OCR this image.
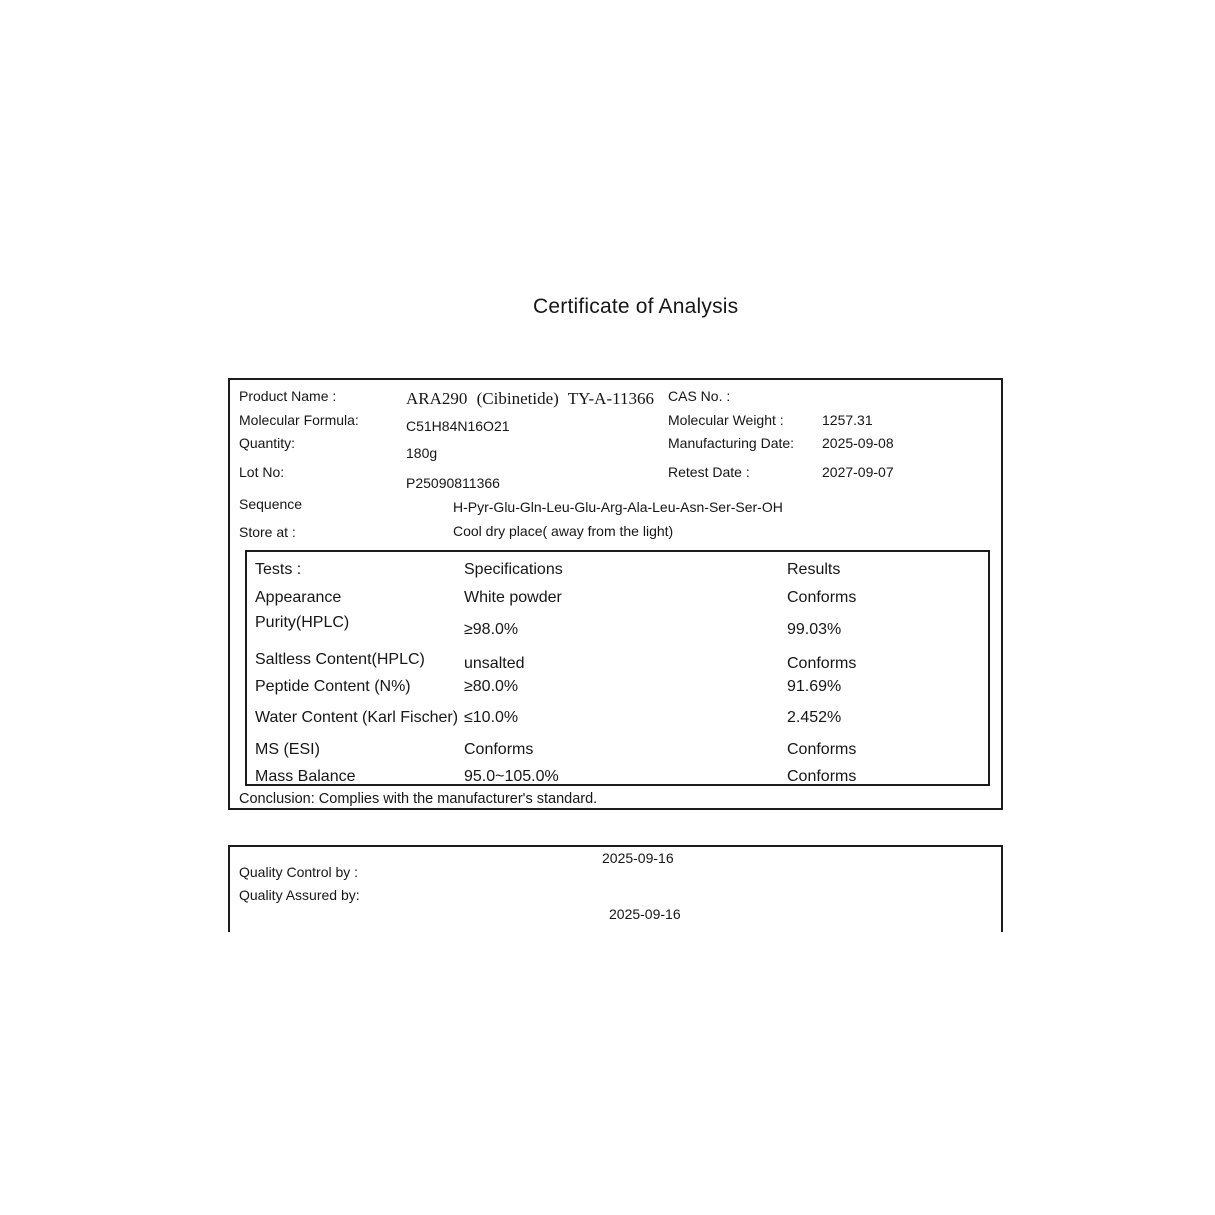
Certificate of Analysis
Product Name :	ARA290 (Cibinetide) TY-A-11366
Molecular Formula:	C51H84N16O21
Quantity:
180g
Lot No:
P25090811366
Sequence	H-Pyr-Glu-Gln-Leu-Glu-Arg-Ala-Leu-Asn-Ser-Ser-OH
Store at :	Cool dry place( away from the light)
CAS No. :
Molecular Weight :	1257.31
Manufacturing Date: 2025-09-08
Retest Date :	2027-09-07
Tests :	Specifications	Results
Appearance	White powder	Conforms
Purity(HPLC)	≥98.0%	99.03%
Saltless Content(HPLC) unsalted	Conforms
Peptide Content (N%)	≥80.0%	91.69%
Water Content (Karl Fischer) ≤10.0%	2.452%
MS (ESI)	Conforms	Conforms
Mass Balance	95.0~105.0%	Conforms
Conclusion: Complies with the manufacturer's standard.
2025-09-16
Quality Control by :
Quality Assured by:
2025-09-16
